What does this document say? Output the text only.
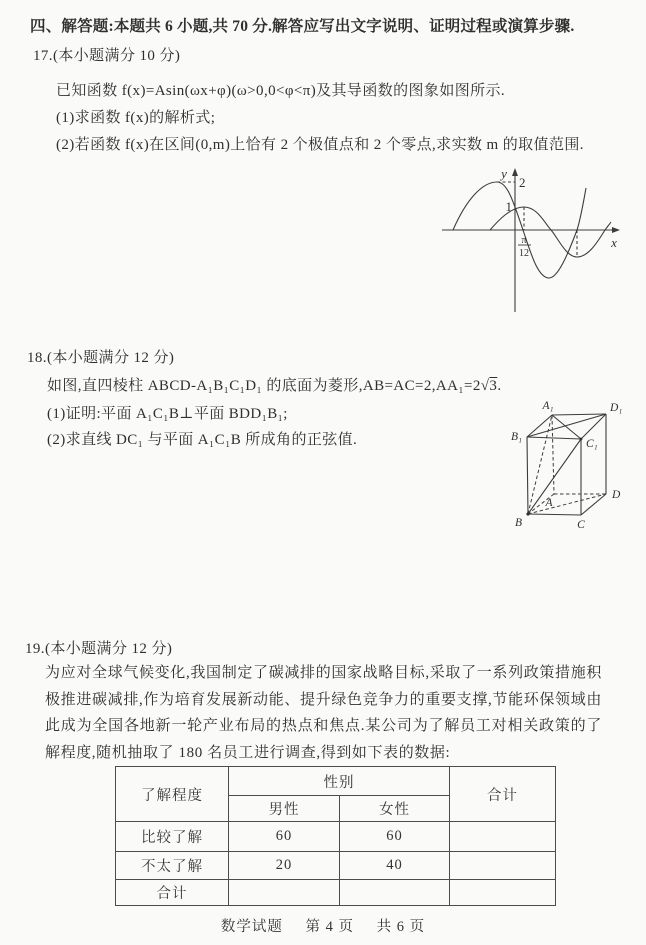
四、解答题:本题共 6 小题,共 70 分.解答应写出文字说明、证明过程或演算步骤.
17.(本小题满分 10 分)
已知函数 f(x)=Asin(ωx+φ)(ω>0,0<φ<π)及其导函数的图象如图所示.
(1)求函数 f(x)的解析式;
(2)若函数 f(x)在区间(0,m)上恰有 2 个极值点和 2 个零点,求实数 m 的取值范围.
y
x
2
1
π
12
18.(本小题满分 12 分)
如图,直四棱柱 ABCD-A₁B₁C₁D₁ 的底面为菱形,AB=AC=2,AA₁=2√3.
(1)证明:平面 A₁C₁B⊥平面 BDD₁B₁;
(2)求直线 DC₁ 与平面 A₁C₁B 所成角的正弦值.
A₁	D₁
B₁
C₁
A
D
B	C
19.(本小题满分 12 分)
为应对全球气候变化,我国制定了碳减排的国家战略目标,采取了一系列政策措施积极推进碳减排,作为培育发展新动能、提升绿色竞争力的重要支撑,节能环保领域由此成为全国各地新一轮产业布局的热点和焦点.某公司为了解员工对相关政策的了解程度,随机抽取了 180 名员工进行调查,得到如下表的数据:
了解程度	性别		合计
	男性	女性	
比较了解	60	60	
不太了解	20	40	
合计			
数学试题 第 4 页 共 6 页
